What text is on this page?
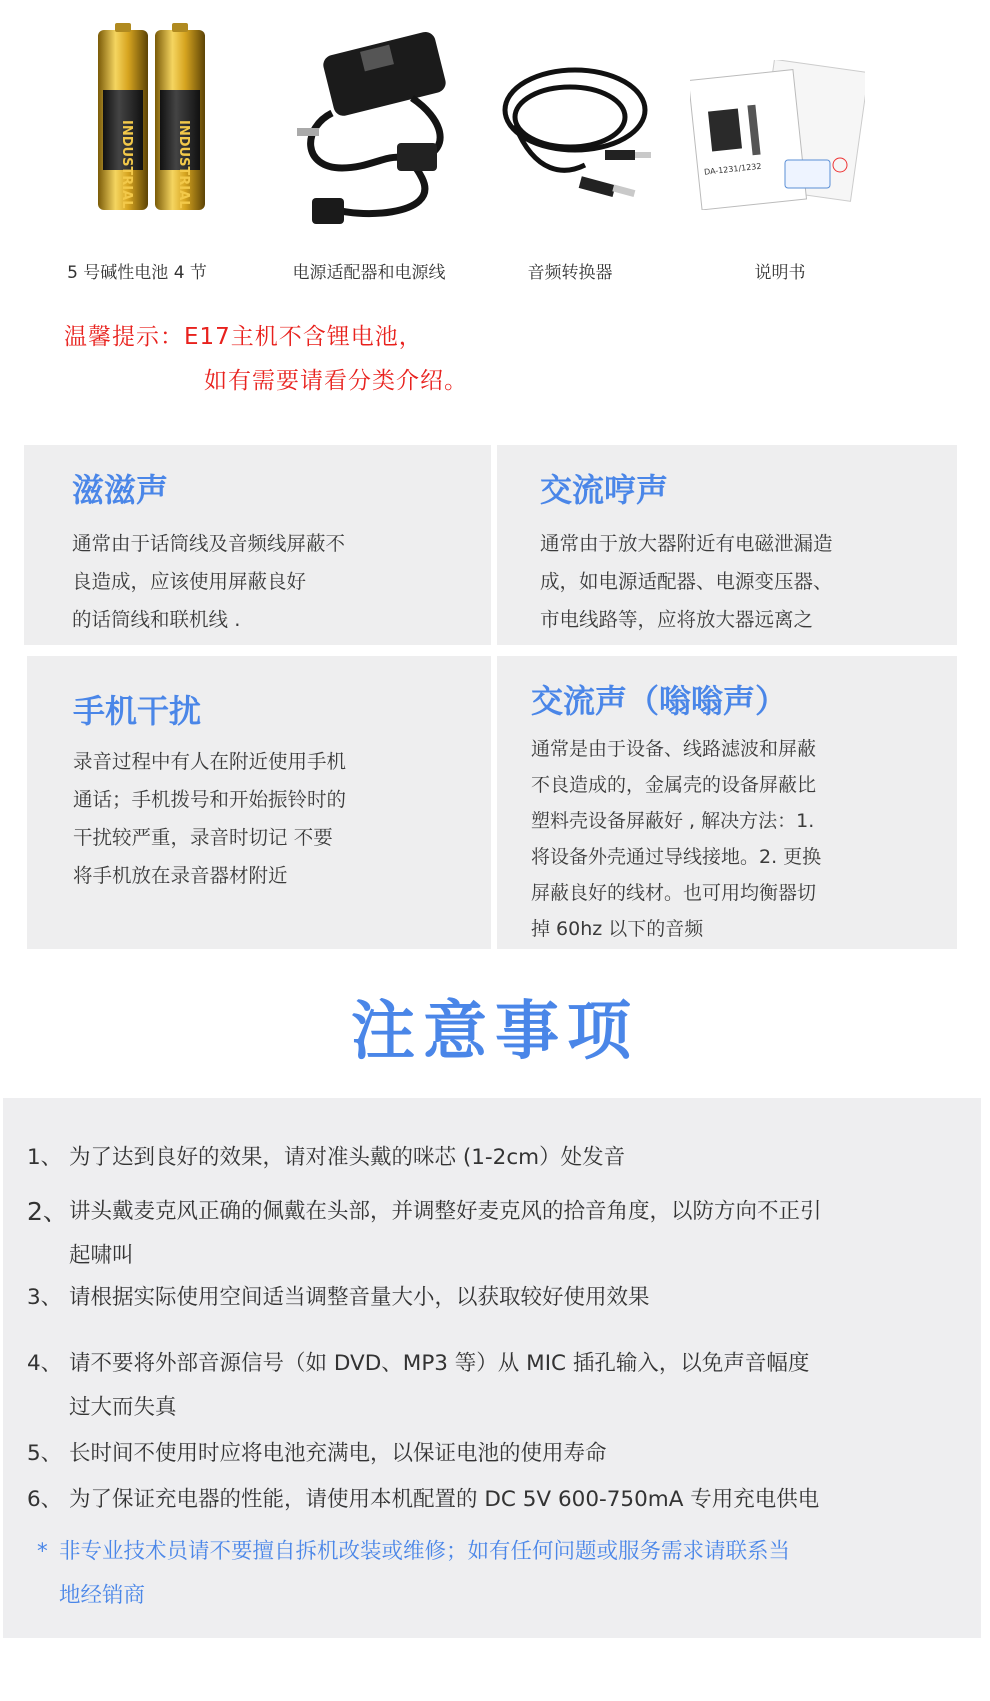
INDUSTRIAL	INDUSTRIAL	DA-1231/1232
5 号碱性电池 4 节	电源适配器和电源线	音频转换器	说明书
温馨提示：E17主机不含锂电池，
如有需要请看分类介绍。
滋滋声
通常由于话筒线及音频线屏蔽不
良造成，应该使用屏蔽良好
的话筒线和联机线 .
交流哼声
通常由于放大器附近有电磁泄漏造
成，如电源适配器、电源变压器、
市电线路等，应将放大器远离之
手机干扰
录音过程中有人在附近使用手机
通话；手机拨号和开始振铃时的
干扰较严重，录音时切记 不要
将手机放在录音器材附近
交流声（嗡嗡声）
通常是由于设备、线路滤波和屏蔽
不良造成的，金属壳的设备屏蔽比
塑料壳设备屏蔽好 , 解决方法：1.
将设备外壳通过导线接地。2. 更换
屏蔽良好的线材。也可用均衡器切
掉 60hz 以下的音频
注意事项
1、 为了达到良好的效果，请对准头戴的咪芯 (1-2cm）处发音
2、 讲头戴麦克风正确的佩戴在头部，并调整好麦克风的拾音角度，以防方向不正引
起啸叫
3、 请根据实际使用空间适当调整音量大小，以获取较好使用效果
4、 请不要将外部音源信号（如 DVD、MP3 等）从 MIC 插孔输入，以免声音幅度
过大而失真
5、 长时间不使用时应将电池充满电，以保证电池的使用寿命
6、 为了保证充电器的性能，请使用本机配置的 DC 5V 600-750mA 专用充电供电
* 非专业技术员请不要擅自拆机改装或维修；如有任何问题或服务需求请联系当
地经销商
